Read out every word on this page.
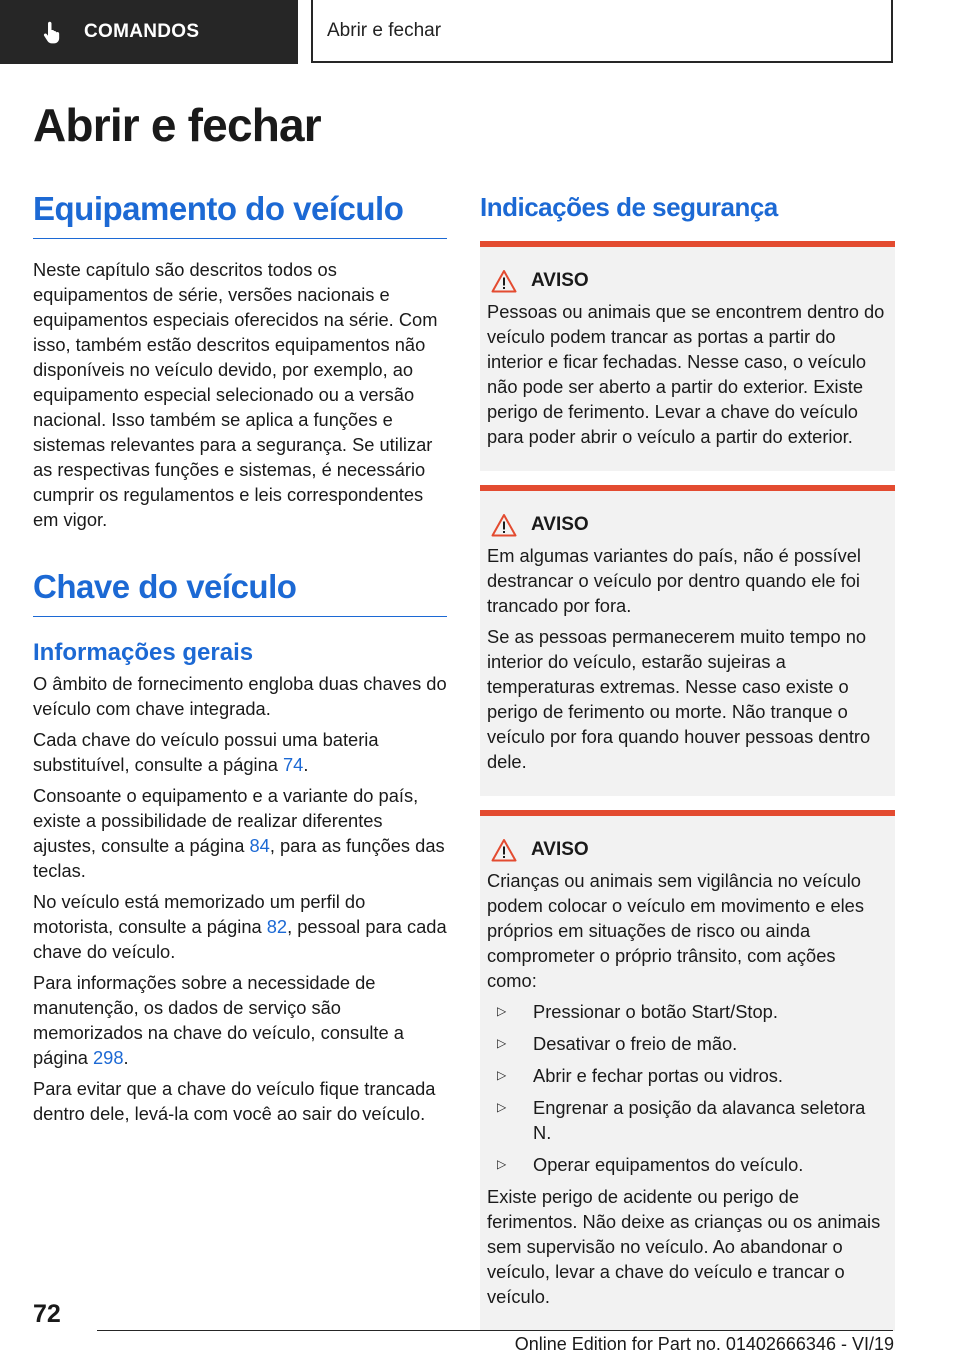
COMANDOS	Abrir e fechar
Abrir e fechar
Equipamento do veículo

Neste capítulo são descritos todos os equipamentos de série, versões nacionais e equipamentos especiais oferecidos na série. Com isso, também estão descritos equipamentos não disponíveis no veículo devido, por exemplo, ao equipamento especial selecionado ou a versão nacional. Isso também se aplica a funções e sistemas relevantes para a segurança. Se utilizar as respectivas funções e sistemas, é necessário cumprir os regulamentos e leis correspondentes em vigor.

Chave do veículo
Informações gerais

O âmbito de fornecimento engloba duas chaves do veículo com chave integrada.

Cada chave do veículo possui uma bateria substituível, consulte a página 74.

Consoante o equipamento e a variante do país, existe a possibilidade de realizar diferentes ajustes, consulte a página 84, para as funções das teclas.

No veículo está memorizado um perfil do motorista, consulte a página 82, pessoal para cada chave do veículo.

Para informações sobre a necessidade de manutenção, os dados de serviço são memorizados na chave do veículo, consulte a página 298.

Para evitar que a chave do veículo fique trancada dentro dele, levá-la com você ao sair do veículo.

Indicações de segurança
AVISO

Pessoas ou animais que se encontrem dentro do veículo podem trancar as portas a partir do interior e ficar fechadas. Nesse caso, o veículo não pode ser aberto a partir do exterior. Existe perigo de ferimento. Levar a chave do veículo para poder abrir o veículo a partir do exterior.

AVISO

Em algumas variantes do país, não é possível destrancar o veículo por dentro quando ele foi trancado por fora.

Se as pessoas permanecerem muito tempo no interior do veículo, estarão sujeiras a temperaturas extremas. Nesse caso existe o perigo de ferimento ou morte. Não tranque o veículo por fora quando houver pessoas dentro dele.

AVISO

Crianças ou animais sem vigilância no veículo podem colocar o veículo em movimento e eles próprios em situações de risco ou ainda comprometer o próprio trânsito, com ações como:

▷	Pressionar o botão Start/Stop.
▷	Desativar o freio de mão.
▷	Abrir e fechar portas ou vidros.
▷	Engrenar a posição da alavanca seletora N.
▷	Operar equipamentos do veículo.

Existe perigo de acidente ou perigo de ferimentos. Não deixe as crianças ou os animais sem supervisão no veículo. Ao abandonar o veículo, levar a chave do veículo e trancar o veículo.

72
Online Edition for Part no. 01402666346 - VI/19
